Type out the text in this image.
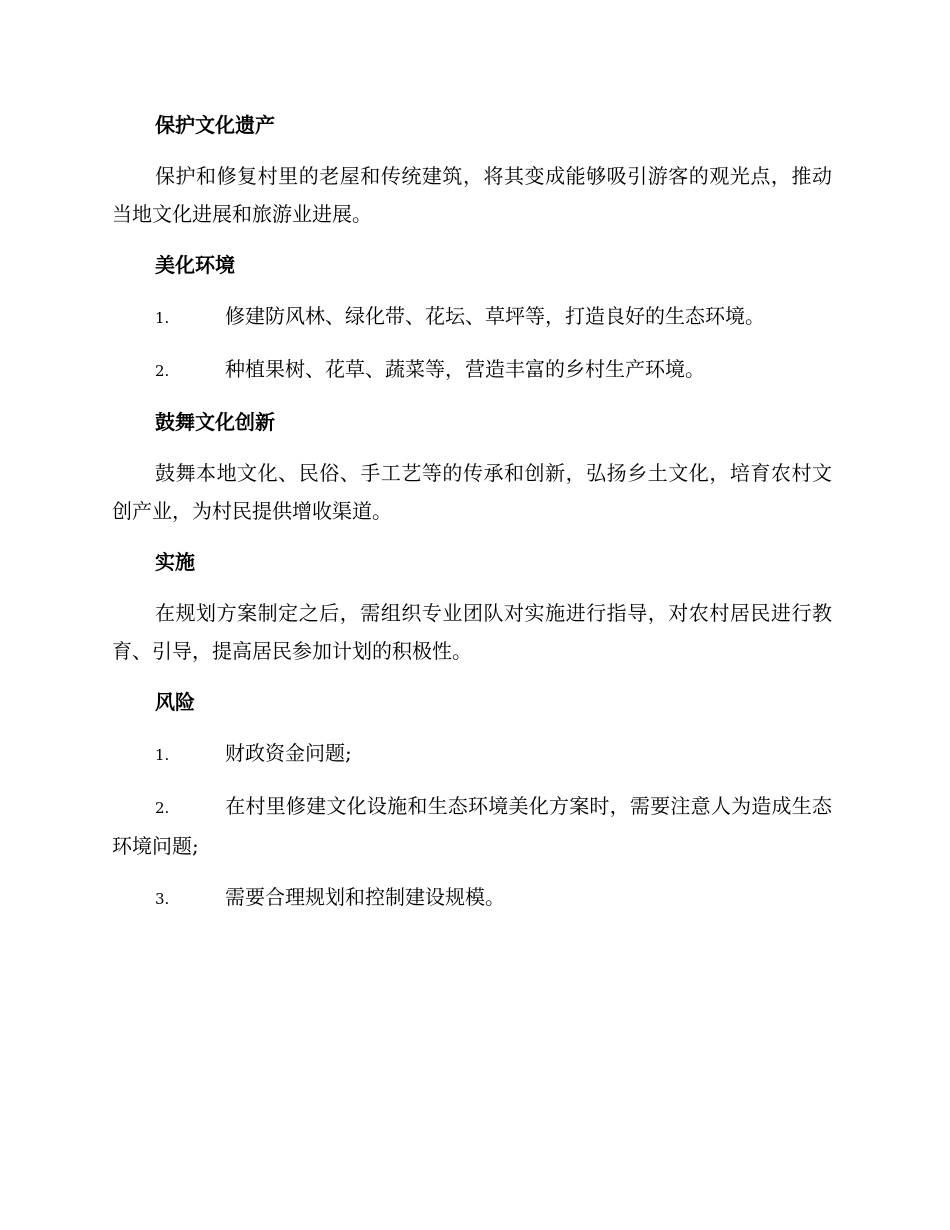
保护文化遗产
保护和修复村里的老屋和传统建筑，将其变成能够吸引游客的观光点，推动当地文化进展和旅游业进展。
美化环境
1.	修建防风林、绿化带、花坛、草坪等，打造良好的生态环境。
2.	种植果树、花草、蔬菜等，营造丰富的乡村生产环境。
鼓舞文化创新
鼓舞本地文化、民俗、手工艺等的传承和创新，弘扬乡土文化，培育农村文创产业，为村民提供增收渠道。
实施
在规划方案制定之后，需组织专业团队对实施进行指导，对农村居民进行教育、引导，提高居民参加计划的积极性。
风险
1.	财政资金问题;
2.	在村里修建文化设施和生态环境美化方案时，需要注意人为造成生态环境问题;
3.	需要合理规划和控制建设规模。
